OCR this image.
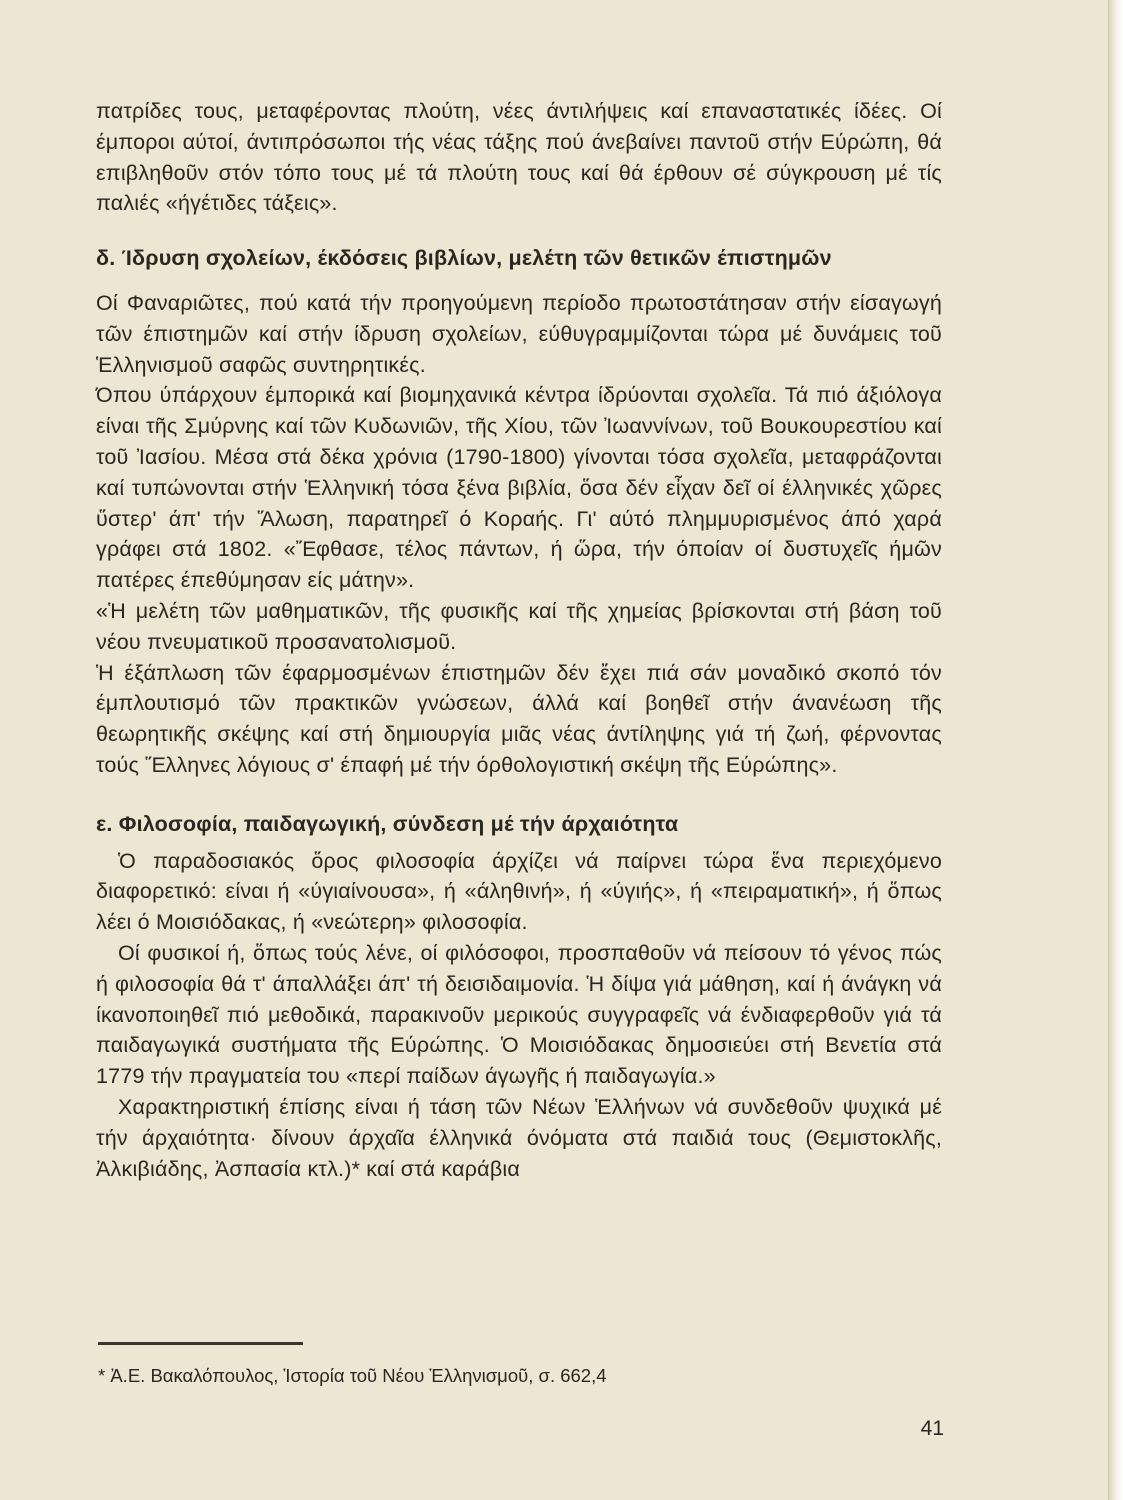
πατρίδες τους, μεταφέροντας πλούτη, νέες άντιλήψεις καί επαναστατικές ίδέες. Οί έμποροι αύτοί, άντιπρόσωποι τής νέας τάξης πού άνεβαίνει παντοῦ στήν Εύρώπη, θά επιβληθοῦν στόν τόπο τους μέ τά πλούτη τους καί θά έρθουν σέ σύγκρουση μέ τίς παλιές «ήγέτιδες τάξεις».

δ. Ίδρυση σχολείων, έκδόσεις βιβλίων, μελέτη τῶν θετικῶν έπιστημῶν

Οί Φαναριῶτες, πού κατά τήν προηγούμενη περίοδο πρωτοστάτησαν στήν είσαγωγή τῶν έπιστημῶν καί στήν ίδρυση σχολείων, εύθυγραμμίζονται τώρα μέ δυνάμεις τοῦ Ἑλληνισμοῦ σαφῶς συντηρητικές.

Όπου ύπάρχουν έμπορικά καί βιομηχανικά κέντρα ίδρύονται σχολεῖα. Τά πιό άξιόλογα είναι τῆς Σμύρνης καί τῶν Κυδωνιῶν, τῆς Χίου, τῶν Ἰωαννίνων, τοῦ Βουκουρεστίου καί τοῦ Ἰασίου. Μέσα στά δέκα χρόνια (1790-1800) γίνονται τόσα σχολεῖα, μεταφράζονται καί τυπώνονται στήν Ἑλληνική τόσα ξένα βιβλία, ὅσα δέν εἶχαν δεῖ οί έλληνικές χῶρες ὕστερ' άπ' τήν Ἅλωση, παρατηρεῖ ό Κοραής. Γι' αύτό πλημμυρισμένος άπό χαρά γράφει στά 1802. «Ἔφθασε, τέλος πάντων, ή ὥρα, τήν όποίαν οί δυστυχεῖς ήμῶν πατέρες έπεθύμησαν είς μάτην».

«Ἡ μελέτη τῶν μαθηματικῶν, τῆς φυσικῆς καί τῆς χημείας βρίσκονται στή βάση τοῦ νέου πνευματικοῦ προσανατολισμοῦ.

Ἡ έξάπλωση τῶν έφαρμοσμένων έπιστημῶν δέν ἔχει πιά σάν μοναδικό σκοπό τόν έμπλουτισμό τῶν πρακτικῶν γνώσεων, άλλά καί βοηθεῖ στήν άνανέωση τῆς θεωρητικῆς σκέψης καί στή δημιουργία μιᾶς νέας άντίληψης γιά τή ζωή, φέρνοντας τούς Ἕλληνες λόγιους σ' έπαφή μέ τήν όρθολογιστική σκέψη τῆς Εύρώπης».

ε. Φιλοσοφία, παιδαγωγική, σύνδεση μέ τήν άρχαιότητα

Ὁ παραδοσιακός ὅρος φιλοσοφία άρχίζει νά παίρνει τώρα ἕνα περιεχόμενο διαφορετικό: είναι ή «ύγιαίνουσα», ή «άληθινή», ή «ύγιής», ή «πειραματική», ή ὅπως λέει ό Μοισιόδακας, ή «νεώτερη» φιλοσοφία.

Οί φυσικοί ή, ὅπως τούς λένε, οί φιλόσοφοι, προσπαθοῦν νά πείσουν τό γένος πώς ή φιλοσοφία θά τ' άπαλλάξει άπ' τή δεισιδαιμονία. Ἡ δίψα γιά μάθηση, καί ή άνάγκη νά ίκανοποιηθεῖ πιό μεθοδικά, παρακινοῦν μερικούς συγγραφεῖς νά ένδιαφερθοῦν γιά τά παιδαγωγικά συστήματα τῆς Εύρώπης. Ὁ Μοισιόδακας δημοσιεύει στή Βενετία στά 1779 τήν πραγματεία του «περί παίδων άγωγῆς ή παιδαγωγία.»

Χαρακτηριστική έπίσης είναι ή τάση τῶν Νέων Ἑλλήνων νά συνδεθοῦν ψυχικά μέ τήν άρχαιότητα· δίνουν άρχαῖα έλληνικά όνόματα στά παιδιά τους (Θεμιστοκλῆς, Ἀλκιβιάδης, Ἀσπασία κτλ.)* καί στά καράβια

* Ἀ.Ε. Βακαλόπουλος, Ἱστορία τοῦ Νέου Ἑλληνισμοῦ, σ. 662,4
41
